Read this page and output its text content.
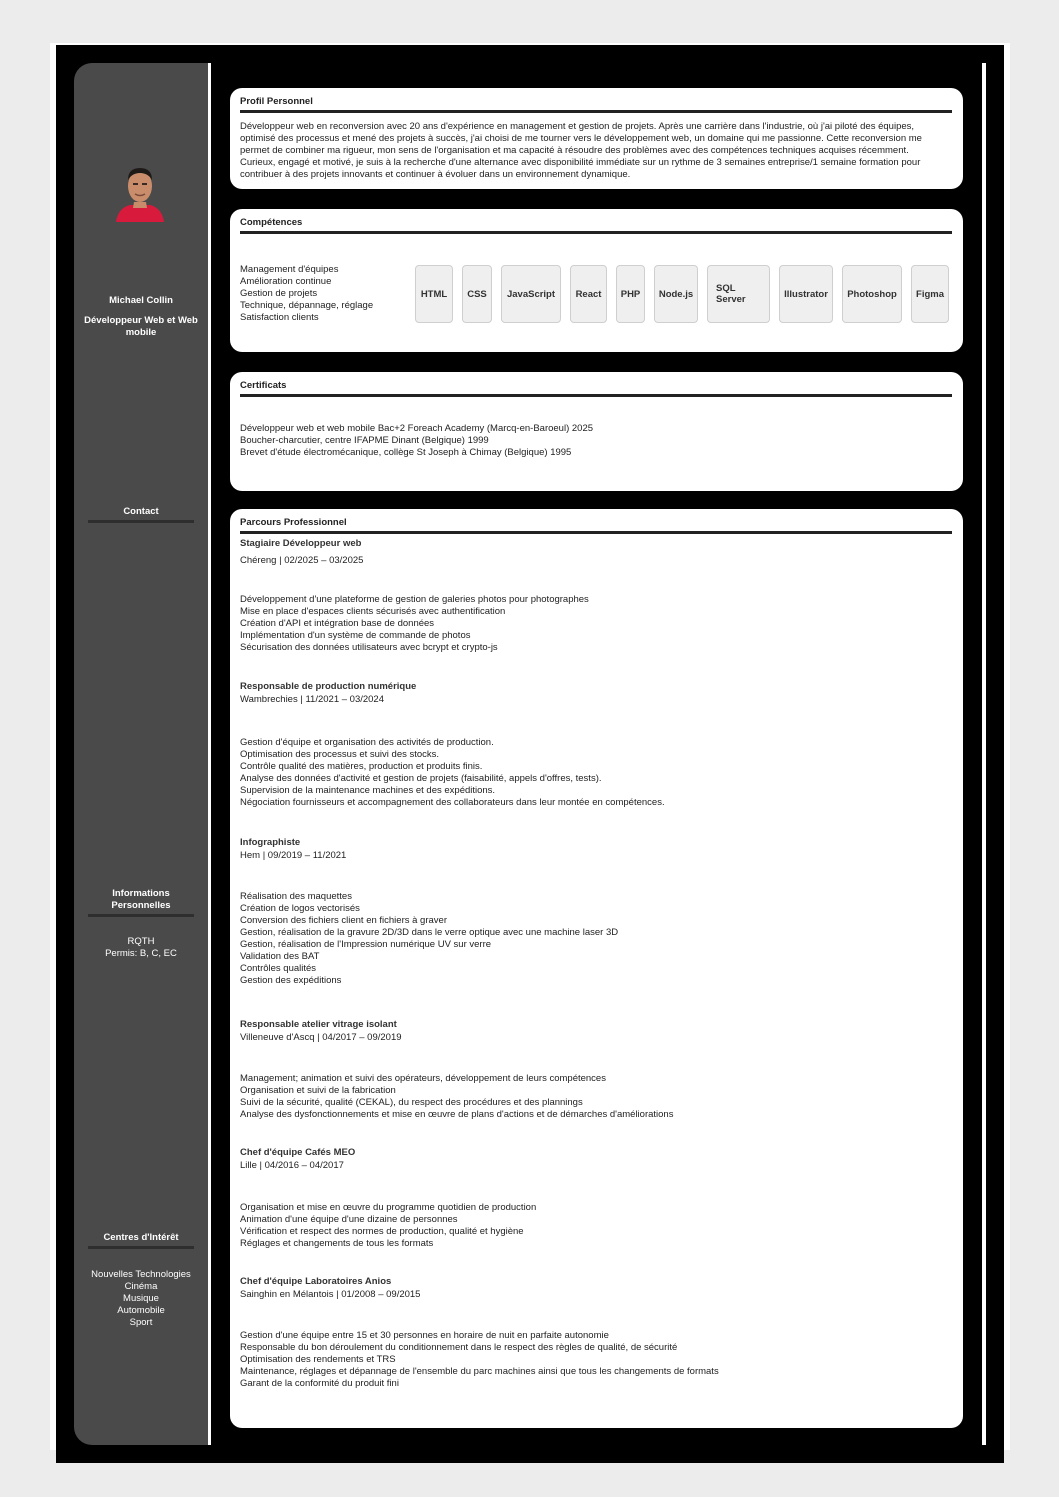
Michael Collin
Développeur Web et Web mobile
Contact
Informations Personnelles
RQTH
Permis: B, C, EC
Centres d'Intérêt
Nouvelles Technologies
Cinéma
Musique
Automobile
Sport
Profil Personnel
Développeur web en reconversion avec 20 ans d'expérience en management et gestion de projets. Après une carrière dans l'industrie, où j'ai piloté des équipes,
optimisé des processus et mené des projets à succès, j'ai choisi de me tourner vers le développement web, un domaine qui me passionne. Cette reconversion me
permet de combiner ma rigueur, mon sens de l'organisation et ma capacité à résoudre des problèmes avec des compétences techniques acquises récemment.
Curieux, engagé et motivé, je suis à la recherche d'une alternance avec disponibilité immédiate sur un rythme de 3 semaines entreprise/1 semaine formation pour
contribuer à des projets innovants et continuer à évoluer dans un environnement dynamique.
Compétences
Management d'équipes
Amélioration continue
Gestion de projets
Technique, dépannage, réglage
Satisfaction clients
HTML	CSS	JavaScript	React	PHP	Node.js	SQL Server	Illustrator	Photoshop	Figma
Certificats
Développeur web et web mobile Bac+2 Foreach Academy (Marcq-en-Baroeul) 2025
Boucher-charcutier, centre IFAPME Dinant (Belgique) 1999
Brevet d'étude électromécanique, collège St Joseph à Chimay (Belgique) 1995
Parcours Professionnel
Stagiaire Développeur web
Chéreng | 02/2025 – 03/2025
Développement d'une plateforme de gestion de galeries photos pour photographes
Mise en place d'espaces clients sécurisés avec authentification
Création d'API et intégration base de données
Implémentation d'un système de commande de photos
Sécurisation des données utilisateurs avec bcrypt et crypto-js
Responsable de production numérique
Wambrechies | 11/2021 – 03/2024
Gestion d'équipe et organisation des activités de production.
Optimisation des processus et suivi des stocks.
Contrôle qualité des matières, production et produits finis.
Analyse des données d'activité et gestion de projets (faisabilité, appels d'offres, tests).
Supervision de la maintenance machines et des expéditions.
Négociation fournisseurs et accompagnement des collaborateurs dans leur montée en compétences.
Infographiste
Hem | 09/2019 – 11/2021
Réalisation des maquettes
Création de logos vectorisés
Conversion des fichiers client en fichiers à graver
Gestion, réalisation de la gravure 2D/3D dans le verre optique avec une machine laser 3D
Gestion, réalisation de l'Impression numérique UV sur verre
Validation des BAT
Contrôles qualités
Gestion des expéditions
Responsable atelier vitrage isolant
Villeneuve d'Ascq | 04/2017 – 09/2019
Management; animation et suivi des opérateurs, développement de leurs compétences
Organisation et suivi de la fabrication
Suivi de la sécurité, qualité (CEKAL), du respect des procédures et des plannings
Analyse des dysfonctionnements et mise en œuvre de plans d'actions et de démarches d'améliorations
Chef d'équipe Cafés MEO
Lille | 04/2016 – 04/2017
Organisation et mise en œuvre du programme quotidien de production
Animation d'une équipe d'une dizaine de personnes
Vérification et respect des normes de production, qualité et hygiène
Réglages et changements de tous les formats
Chef d'équipe Laboratoires Anios
Sainghin en Mélantois | 01/2008 – 09/2015
Gestion d'une équipe entre 15 et 30 personnes en horaire de nuit en parfaite autonomie
Responsable du bon déroulement du conditionnement dans le respect des règles de qualité, de sécurité
Optimisation des rendements et TRS
Maintenance, réglages et dépannage de l'ensemble du parc machines ainsi que tous les changements de formats
Garant de la conformité du produit fini
